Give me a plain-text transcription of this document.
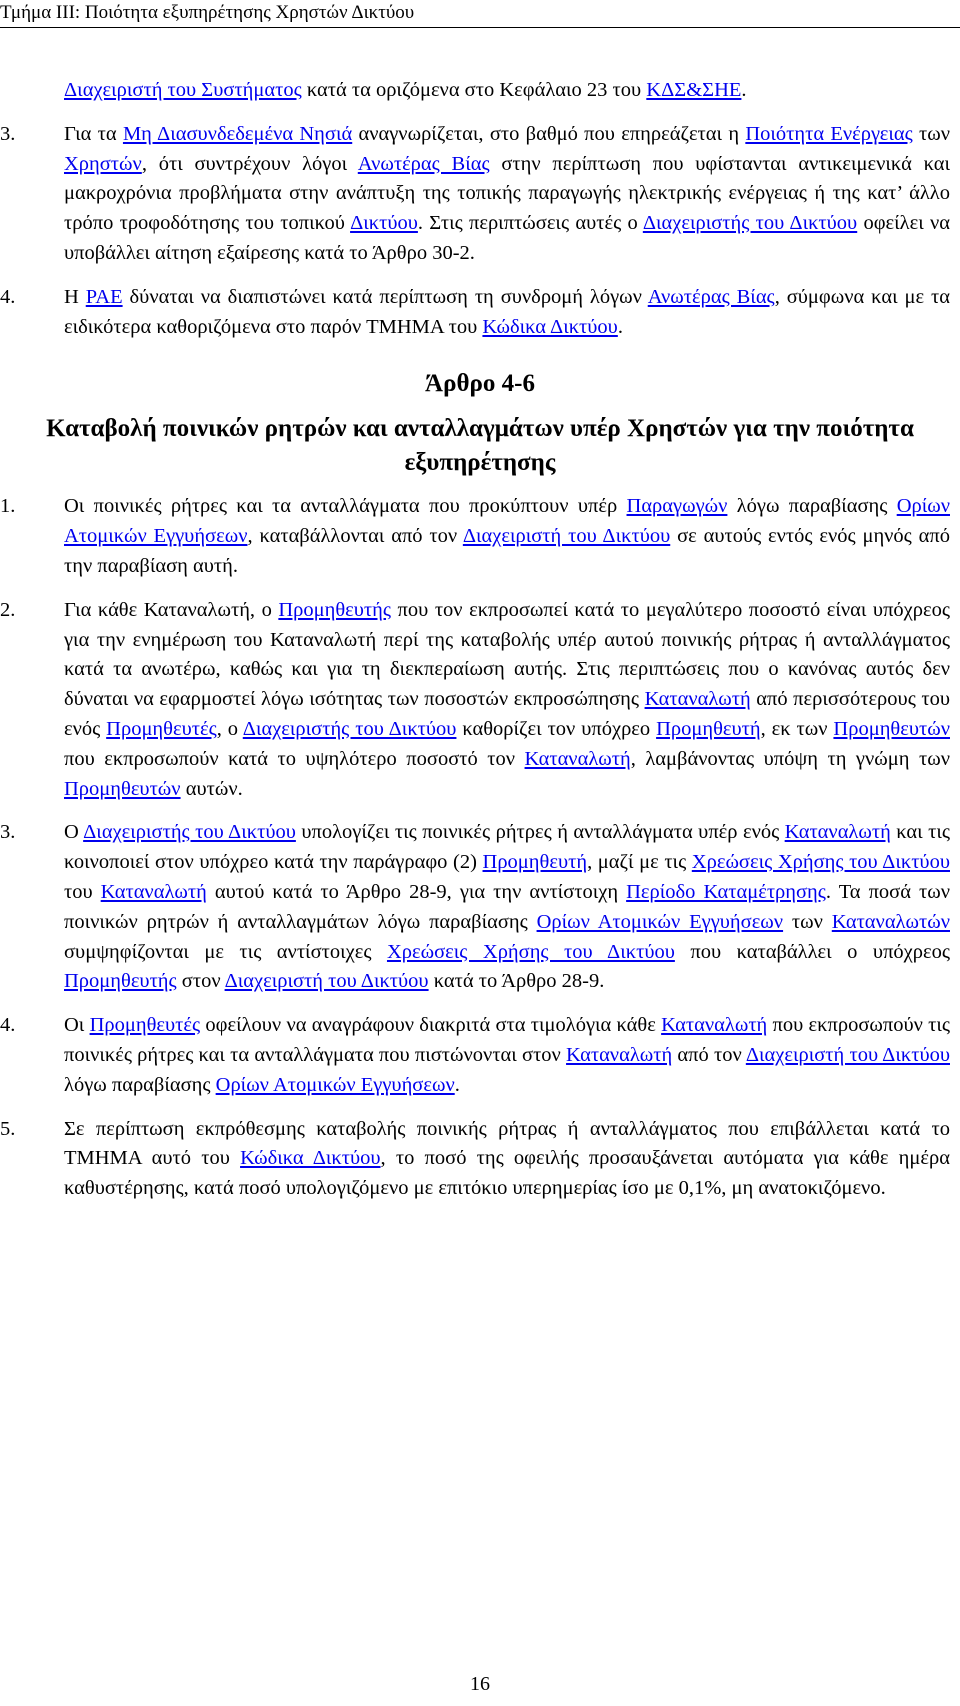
Τμήμα ΙΙΙ: Ποιότητα εξυπηρέτησης Χρηστών Δικτύου
Διαχειριστή του Συστήματος κατά τα οριζόμενα στο Κεφάλαιο 23 του ΚΔΣ&ΣΗΕ.
3. Για τα Μη Διασυνδεδεμένα Νησιά αναγνωρίζεται, στο βαθμό που επηρεάζεται η Ποιότητα Ενέργειας των Χρηστών, ότι συντρέχουν λόγοι Ανωτέρας Βίας στην περίπτωση που υφίστανται αντικειμενικά και μακροχρόνια προβλήματα στην ανάπτυξη της τοπικής παραγωγής ηλεκτρικής ενέργειας ή της κατ’ άλλο τρόπο τροφοδότησης του τοπικού Δικτύου. Στις περιπτώσεις αυτές ο Διαχειριστής του Δικτύου οφείλει να υποβάλλει αίτηση εξαίρεσης κατά το Άρθρο 30-2.
4. Η ΡΑΕ δύναται να διαπιστώνει κατά περίπτωση τη συνδρομή λόγων Ανωτέρας Βίας, σύμφωνα και με τα ειδικότερα καθοριζόμενα στο παρόν ΤΜΗΜΑ του Κώδικα Δικτύου.
Άρθρο 4-6
Καταβολή ποινικών ρητρών και ανταλλαγμάτων υπέρ Χρηστών για την ποιότητα εξυπηρέτησης
1. Οι ποινικές ρήτρες και τα ανταλλάγματα που προκύπτουν υπέρ Παραγωγών λόγω παραβίασης Ορίων Ατομικών Εγγυήσεων, καταβάλλονται από τον Διαχειριστή του Δικτύου σε αυτούς εντός ενός μηνός από την παραβίαση αυτή.
2. Για κάθε Καταναλωτή, ο Προμηθευτής που τον εκπροσωπεί κατά το μεγαλύτερο ποσοστό είναι υπόχρεος για την ενημέρωση του Καταναλωτή περί της καταβολής υπέρ αυτού ποινικής ρήτρας ή ανταλλάγματος κατά τα ανωτέρω, καθώς και για τη διεκπεραίωση αυτής. Στις περιπτώσεις που ο κανόνας αυτός δεν δύναται να εφαρμοστεί λόγω ισότητας των ποσοστών εκπροσώπησης Καταναλωτή από περισσότερους του ενός Προμηθευτές, ο Διαχειριστής του Δικτύου καθορίζει τον υπόχρεο Προμηθευτή, εκ των Προμηθευτών που εκπροσωπούν κατά το υψηλότερο ποσοστό τον Καταναλωτή, λαμβάνοντας υπόψη τη γνώμη των Προμηθευτών αυτών.
3. Ο Διαχειριστής του Δικτύου υπολογίζει τις ποινικές ρήτρες ή ανταλλάγματα υπέρ ενός Καταναλωτή και τις κοινοποιεί στον υπόχρεο κατά την παράγραφο (2) Προμηθευτή, μαζί με τις Χρεώσεις Χρήσης του Δικτύου του Καταναλωτή αυτού κατά το Άρθρο 28-9, για την αντίστοιχη Περίοδο Καταμέτρησης. Τα ποσά των ποινικών ρητρών ή ανταλλαγμάτων λόγω παραβίασης Ορίων Ατομικών Εγγυήσεων των Καταναλωτών συμψηφίζονται με τις αντίστοιχες Χρεώσεις Χρήσης του Δικτύου που καταβάλλει ο υπόχρεος Προμηθευτής στον Διαχειριστή του Δικτύου κατά το Άρθρο 28-9.
4. Οι Προμηθευτές οφείλουν να αναγράφουν διακριτά στα τιμολόγια κάθε Καταναλωτή που εκπροσωπούν τις ποινικές ρήτρες και τα ανταλλάγματα που πιστώνονται στον Καταναλωτή από τον Διαχειριστή του Δικτύου λόγω παραβίασης Ορίων Ατομικών Εγγυήσεων.
5. Σε περίπτωση εκπρόθεσμης καταβολής ποινικής ρήτρας ή ανταλλάγματος που επιβάλλεται κατά το ΤΜΗΜΑ αυτό του Κώδικα Δικτύου, το ποσό της οφειλής προσαυξάνεται αυτόματα για κάθε ημέρα καθυστέρησης, κατά ποσό υπολογιζόμενο με επιτόκιο υπερημερίας ίσο με 0,1%, μη ανατοκιζόμενο.
16
